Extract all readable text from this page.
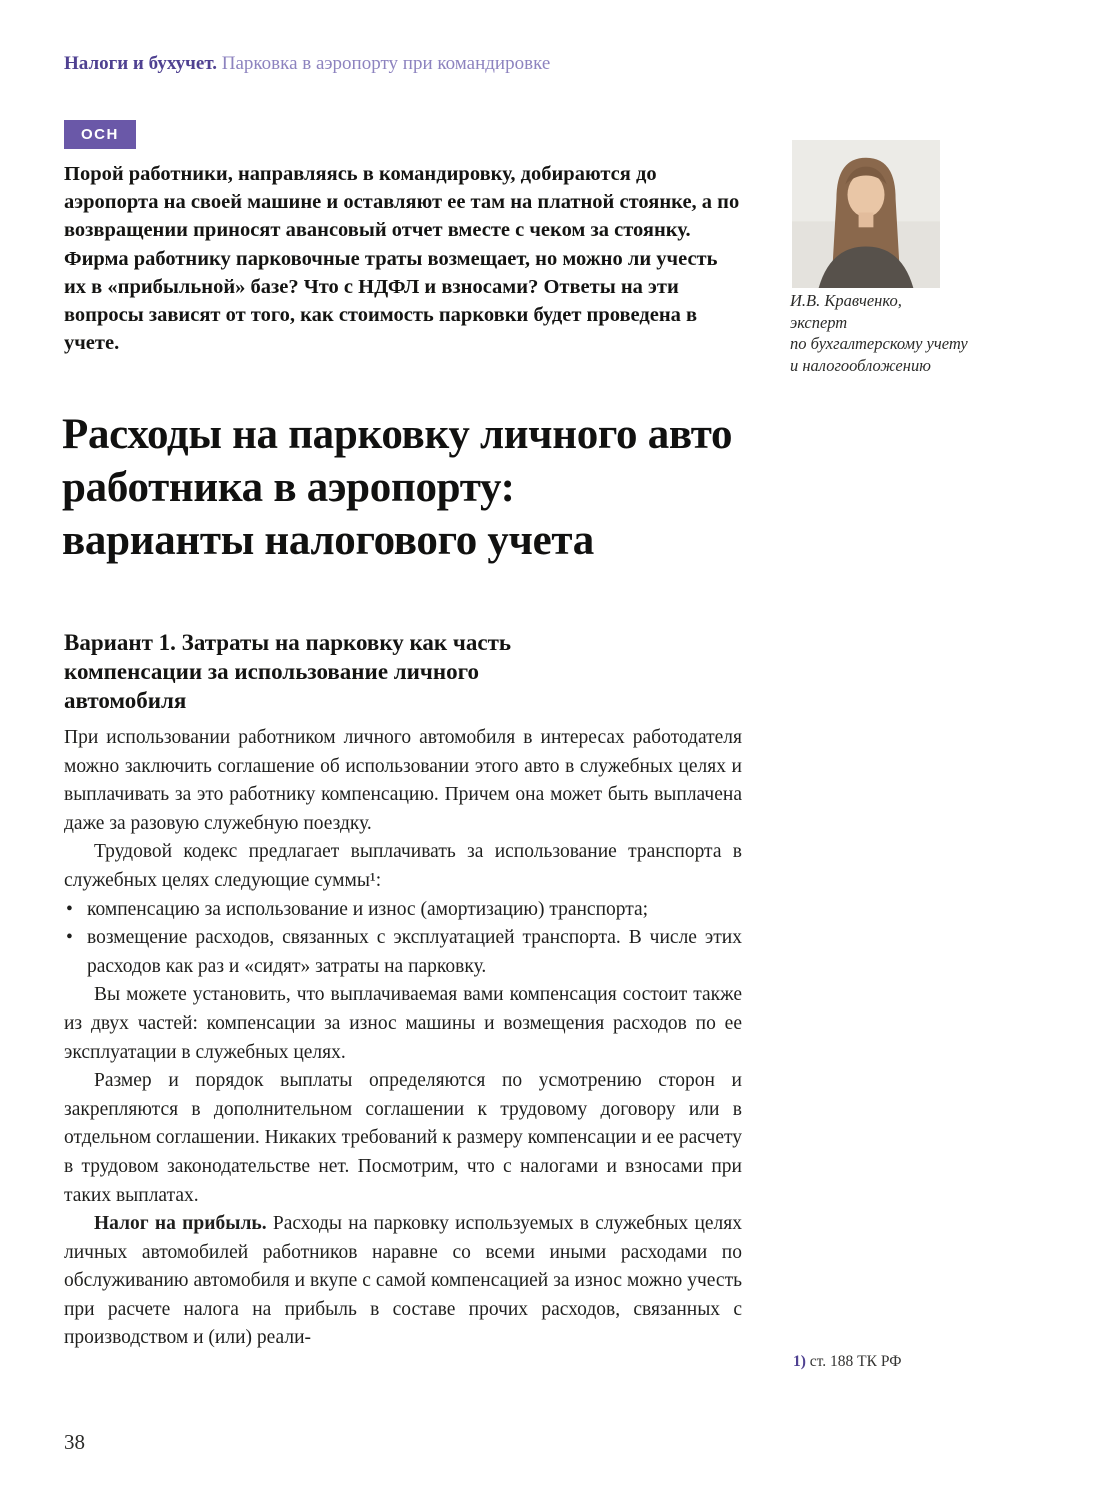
Налоги и бухучет. Парковка в аэропорту при командировке
ОСН
Порой работники, направляясь в командировку, добираются до аэропорта на своей машине и оставляют ее там на платной стоянке, а по возвращении приносят авансовый отчет вместе с чеком за стоянку. Фирма работнику парковочные траты возмещает, но можно ли учесть их в «прибыльной» базе? Что с НДФЛ и взносами? Ответы на эти вопросы зависят от того, как стоимость парковки будет проведена в учете.
И.В. Кравченко,
эксперт
по бухгалтерскому учету
и налогообложению
Расходы на парковку личного авто
работника в аэропорту:
варианты налогового учета
Вариант 1. Затраты на парковку как часть
компенсации за использование личного
автомобиля

При использовании работником личного автомобиля в интересах работодателя можно заключить соглашение об использовании этого авто в служебных целях и выплачивать за это работнику компенсацию. Причем она может быть выплачена даже за разовую служебную поездку.

Трудовой кодекс предлагает выплачивать за использование транспорта в служебных целях следующие суммы¹:

• компенсацию за использование и износ (амортизацию) транспорта;
• возмещение расходов, связанных с эксплуатацией транспорта. В числе этих расходов как раз и «сидят» затраты на парковку.

Вы можете установить, что выплачиваемая вами компенсация состоит также из двух частей: компенсации за износ машины и возмещения расходов по ее эксплуатации в служебных целях.

Размер и порядок выплаты определяются по усмотрению сторон и закрепляются в дополнительном соглашении к трудовому договору или в отдельном соглашении. Никаких требований к размеру компенсации и ее расчету в трудовом законодательстве нет. Посмотрим, что с налогами и взносами при таких выплатах.

Налог на прибыль. Расходы на парковку используемых в служебных целях личных автомобилей работников наравне со всеми иными расходами по обслуживанию автомобиля и вкупе с самой компенсацией за износ можно учесть при расчете налога на прибыль в составе прочих расходов, связанных с производством и (или) реали-

1) ст. 188 ТК РФ
38
